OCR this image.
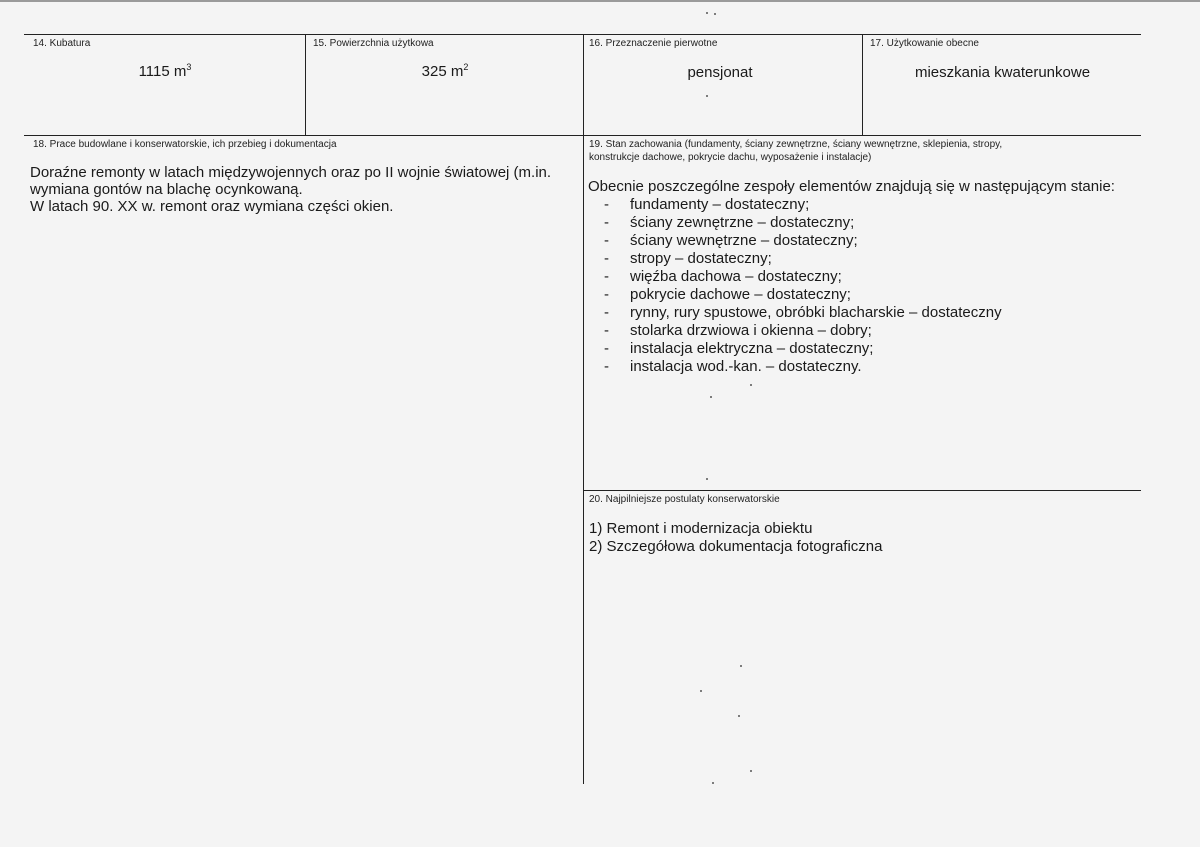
14. Kubatura
1115 $m^3$
15. Powierzchnia użytkowa
325 $m^2$
16. Przeznaczenie pierwotne
pensjonat
17. Użytkowanie obecne
mieszkania kwaterunkowe
18. Prace budowlane i konserwatorskie, ich przebieg i dokumentacja

Doraźne remonty w latach międzywojennych oraz po II wojnie światowej (m.in.

wymiana gontów na blachę ocynkowaną.

W latach 90. XX w. remont oraz wymiana części okien.

19. Stan zachowania (fundamenty, ściany zewnętrzne, ściany wewnętrzne, sklepienia, stropy,
konstrukcje dachowe, pokrycie dachu, wyposażenie i instalacje)
Obecnie poszczególne zespoły elementów znajdują się w następującym stanie:
- fundamenty – dostateczny;
- ściany zewnętrzne – dostateczny;
- ściany wewnętrzne – dostateczny;
- stropy – dostateczny;
- więźba dachowa – dostateczny;
- pokrycie dachowe – dostateczny;
- rynny, rury spustowe, obróbki blacharskie – dostateczny
- stolarka drzwiowa i okienna – dobry;
- instalacja elektryczna – dostateczny;
- instalacja wod.-kan. – dostateczny.
20. Najpilniejsze postulaty konserwatorskie

1) Remont i modernizacja obiektu

2) Szczegółowa dokumentacja fotograficzna
